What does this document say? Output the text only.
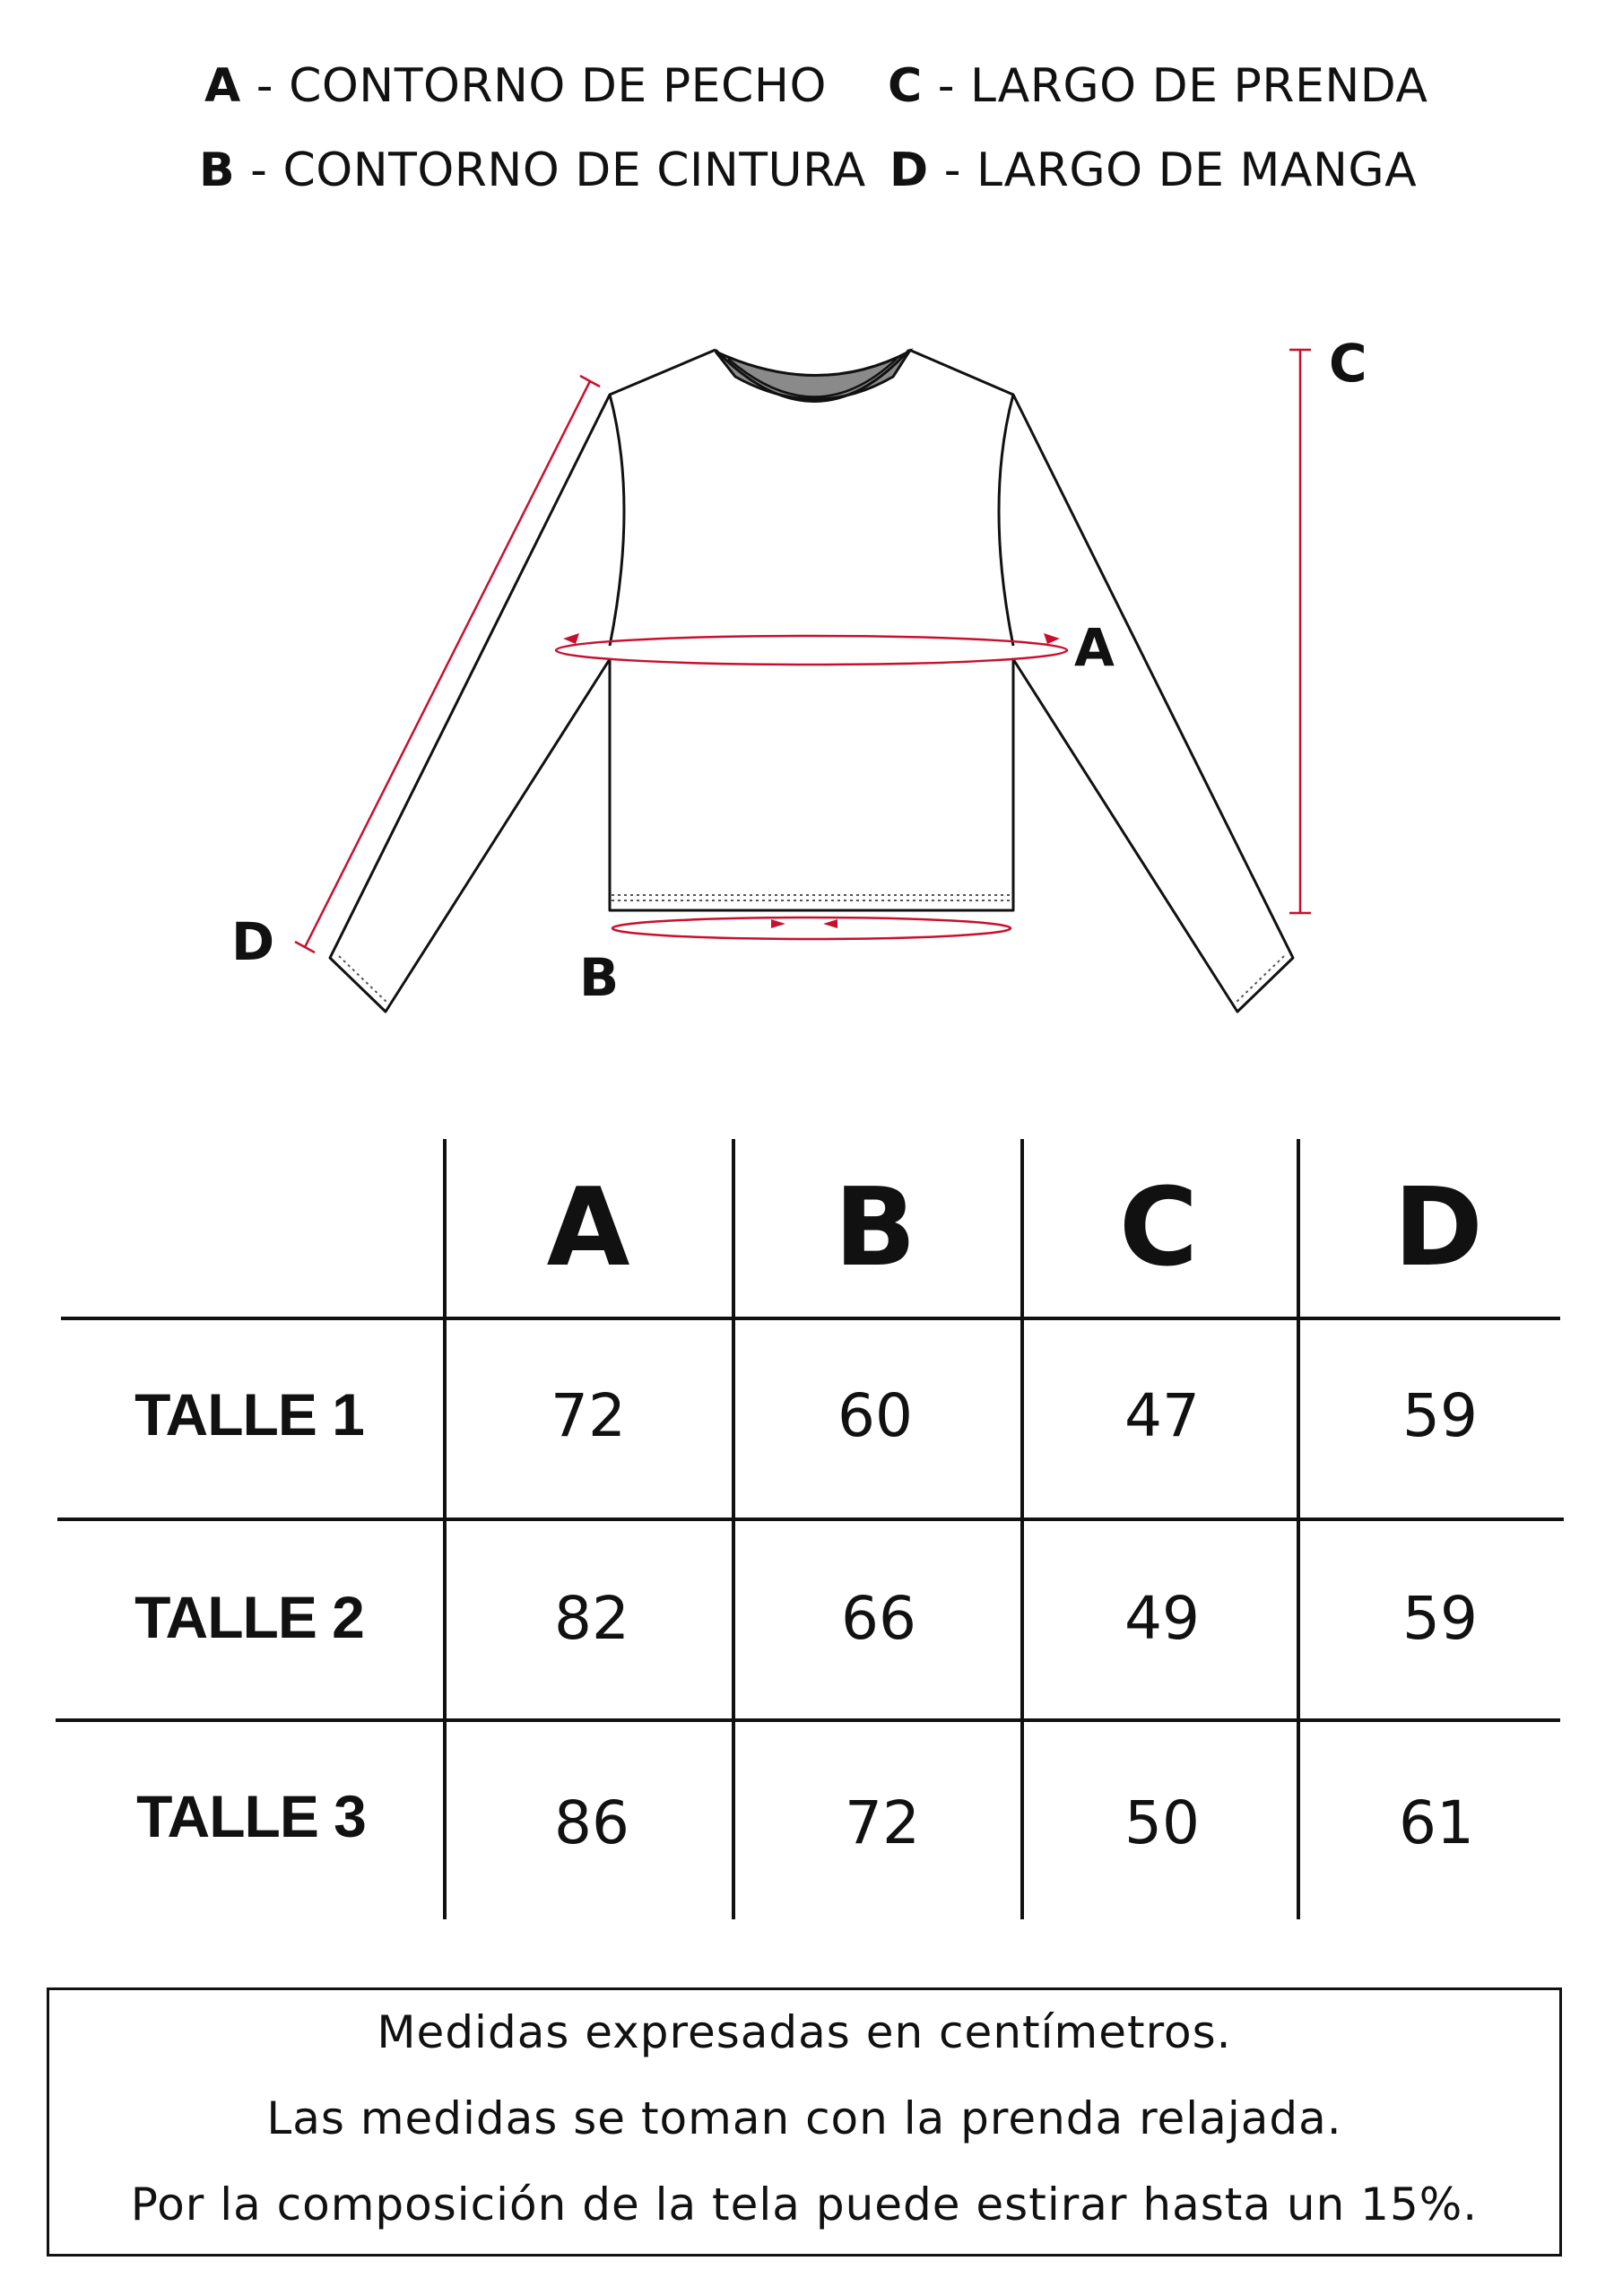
A - CONTORNO DE PECHO
B - CONTORNO DE CINTURA
C - LARGO DE PRENDA
D - LARGO DE MANGA
A
B
C
D
A	B	C	D
TALLE 1	72	60	47	59
TALLE 2	82	66	49	59
TALLE 3	86	72	50	61
Medidas expresadas en centímetros.
Las medidas se toman con la prenda relajada.
Por la composición de la tela puede estirar hasta un 15%.
